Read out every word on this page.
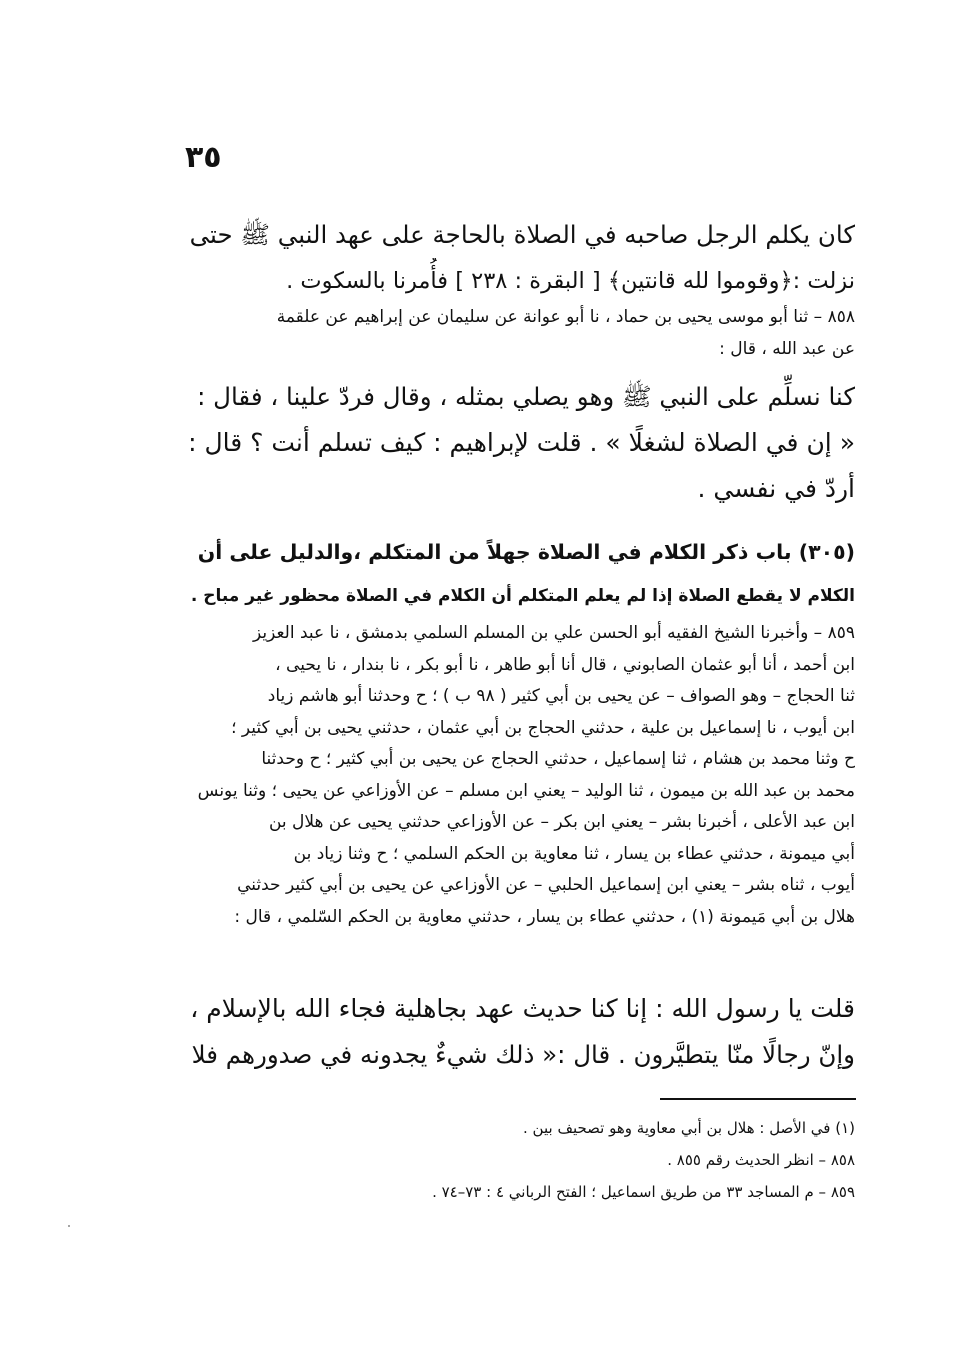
٣٥
كان يكلم الرجل صاحبه في الصلاة بالحاجة على عهد النبي ﷺ حتى
نزلت :﴿وقوموا لله قانتين﴾ [ البقرة : ٢٣٨ ] فأُمرنا بالسكوت .
٨٥٨ – ثنا أبو موسى يحيى بن حماد ، نا أبو عوانة عن سليمان عن إبراهيم عن علقمة
عن عبد الله ، قال :
كنا نسلِّم على النبي ﷺ وهو يصلي بمثله ، وقال فردّ علينا ، فقال :
« إن في الصلاة لشغلًا » . قلت لإبراهيم : كيف تسلم أنت ؟ قال :
أردّ في نفسي .
(٣٠٥) باب ذكر الكلام في الصلاة جهلاً من المتكلم ،والدليل على أن
الكلام لا يقطع الصلاة إذا لم يعلم المتكلم أن الكلام في الصلاة محظور غير مباح .
٨٥٩ – وأخبرنا الشيخ الفقيه أبو الحسن علي بن المسلم السلمي بدمشق ، نا عبد العزيز
ابن أحمد ، أنا أبو عثمان الصابوني ، قال أنا أبو طاهر ، نا أبو بكر ، نا بندار ، نا يحيى ،
ثنا الحجاج – وهو الصواف – عن يحيى بن أبي كثير ( ٩٨ ب ) ؛ ح وحدثنا أبو هاشم زياد
ابن أيوب ، نا إسماعيل بن علية ، حدثني الحجاج بن أبي عثمان ، حدثني يحيى بن أبي كثير ؛
ح وثنا محمد بن هشام ، ثنا إسماعيل ، حدثني الحجاج عن يحيى بن أبي كثير ؛ ح وحدثنا
محمد بن عبد الله بن ميمون ، ثنا الوليد – يعني ابن مسلم – عن الأوزاعي عن يحيى ؛ وثنا يونس
ابن عبد الأعلى ، أخبرنا بشر – يعني ابن بكر – عن الأوزاعي حدثني يحيى عن هلال بن
أبي ميمونة ، حدثني عطاء بن يسار ، ثنا معاوية بن الحكم السلمي ؛ ح وثنا زياد بن
أيوب ، ثناه بشر – يعني ابن إسماعيل الحلبي – عن الأوزاعي عن يحيى بن أبي كثير حدثني
هلال بن أبي مَيمونة (١) ، حدثني عطاء بن يسار ، حدثني معاوية بن الحكم السّلمي ، قال :
قلت يا رسول الله : إنا كنا حديث عهد بجاهلية فجاء الله بالإسلام ،
وإنّ رجالًا منّا يتطيَّرون . قال :« ذلك شيءٌ يجدونه في صدورهم فلا
(١) في الأصل : هلال بن أبي معاوية وهو تصحيف بين .
٨٥٨ – انظر الحديث رقم ٨٥٥ .
٨٥٩ – م المساجد ٣٣ من طريق اسماعيل ؛ الفتح الرباني ٤ : ٧٣–٧٤ .
